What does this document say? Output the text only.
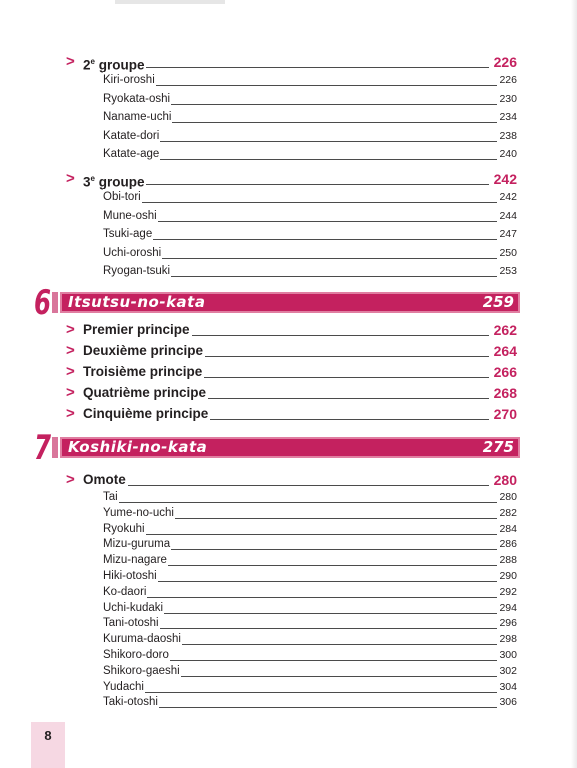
> $2^e$ groupe	226
Kiri-oroshi	226
Ryokata-oshi	230
Naname-uchi	234
Katate-dori	238
Katate-age	240
> $3^e$ groupe	242
Obi-tori	242
Mune-oshi	244
Tsuki-age	247
Uchi-oroshi	250
Ryogan-tsuki	253
6 Itsutsu-no-kata	259
> Premier principe	262
> Deuxième principe	264
> Troisième principe	266
> Quatrième principe	268
> Cinquième principe	270
7 Koshiki-no-kata	275
> Omote	280
Tai	280
Yume-no-uchi	282
Ryokuhi	284
Mizu-guruma	286
Mizu-nagare	288
Hiki-otoshi	290
Ko-daori	292
Uchi-kudaki	294
Tani-otoshi	296
Kuruma-daoshi	298
Shikoro-doro	300
Shikoro-gaeshi	302
Yudachi	304
Taki-otoshi	306
8
